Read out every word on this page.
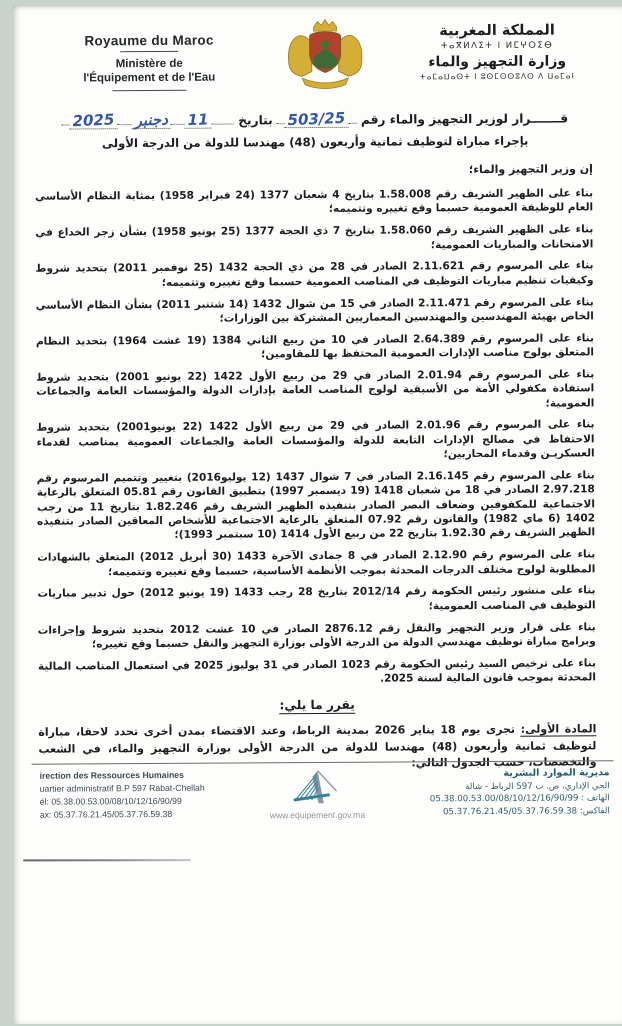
Royaume du Maroc
Ministère de
l'Équipement et de l'Eau
المملكة المغربية
ⵜⴰⴳⵍⴷⵉⵜ ⵏ ⵍⵎⵖⵔⵉⴱ
وزارة التجهيز والماء
ⵜⴰⵎⴰⵡⴰⵙⵜ ⵏ ⵓⵙⵎⵙⵙⵓⴷⵙ ⴷ ⵡⴰⵎⴰⵏ
قـــــــرار لوزير التجهيز والماء رقم 503/25 بتاريخ 11دجنبر2025
بإجراء مباراة لتوظيف ثمانية وأربعون (48) مهندسا للدولة من الدرجة الأولى
إن وزير التجهيز والماء؛

بناء على الظهير الشريف رقم 1.58.008 بتاريخ 4 شعبان 1377 (24 فبراير 1958) بمثابة النظام الأساسي العام للوظيفة العمومية حسبما وقع تغييره وتتميمه؛

بناء على الظهير الشريف رقم 1.58.060 بتاريخ 7 ذي الحجة 1377 (25 يونيو 1958) بشأن زجر الخداع في الامتحانات والمباريات العمومية؛

بناء على المرسوم رقم 2.11.621 الصادر في 28 من ذي الحجة 1432 (25 نوفمبر 2011) بتحديد شروط وكيفيات تنظيم مباريات التوظيف في المناصب العمومية حسبما وقع تغييره وتتميمه؛

بناء على المرسوم رقم 2.11.471 الصادر في 15 من شوال 1432 (14 شتنبر 2011) بشأن النظام الأساسي الخاص بهيئة المهندسين والمهندسين المعماريين المشتركة بين الوزارات؛

بناء على المرسوم رقم 2.64.389 الصادر في 10 من ربيع الثاني 1384 (19 غشت 1964) بتحديد النظام المتعلق بولوج مناصب الإدارات العمومية المحتفظ بها للمقاومين؛

بناء على المرسوم رقم 2.01.94 الصادر في 29 من ربيع الأول 1422 (22 يونيو 2001) بتحديد شروط استفادة مكفولي الأمة من الأسبقية لولوج المناصب العامة بإدارات الدولة والمؤسسات العامة والجماعات العمومية؛

بناء على المرسوم رقم 2.01.96 الصادر في 29 من ربيع الأول 1422 (22 يونيو2001) بتحديد شروط الاحتفاظ في مصالح الإدارات التابعة للدولة والمؤسسات العامة والجماعات العمومية بمناصب لقدماء العسكريـن وقدماء المحاربين؛

بناء على المرسوم رقم 2.16.145 الصادر في 7 شوال 1437 (12 يوليو2016) بتغيير وتتميم المرسوم رقم 2.97.218 الصادر في 18 من شعبان 1418 (19 ديسمبر 1997) بتطبيق القانون رقم 05.81 المتعلق بالرعاية الاجتماعية للمكفوفين وضعاف البصر الصادر بتنفيذه الظهير الشريف رقم 1.82.246 بتاريخ 11 من رجب 1402 (6 ماي 1982) والقانون رقم 07.92 المتعلق بالرعاية الاجتماعية للأشخاص المعاقين الصادر بتنفيذه الظهير الشريف رقم 1.92.30 بتاريخ 22 من ربيع الأول 1414 (10 سبتمبر 1993)؛

بناء على المرسوم رقم 2.12.90 الصادر في 8 جمادى الآخرة 1433 (30 أبريل 2012) المتعلق بالشهادات المطلوبة لولوج مختلف الدرجات المحدثة بموجب الأنظمة الأساسية، حسبما وقع تغييره وتتميمه؛

بناء على منشور رئيس الحكومة رقم 2012/14 بتاريخ 28 رجب 1433 (19 يونيو 2012) حول تدبير مباريات التوظيف في المناصب العمومية؛

بناء على قرار وزير التجهيز والنقل رقم 2876.12 الصادر في 10 غشت 2012 بتحديد شروط وإجراءات وبرامج مباراة توظيف مهندسي الدولة من الدرجة الأولى بوزارة التجهيز والنقل حسبما وقع تغييره؛

بناء على ترخيص السيد رئيس الحكومة رقم 1023 الصادر في 31 يوليوز 2025 في استعمال المناصب المالية المحدثة بموجب قانون المالية لسنة 2025.

يقرر ما يلي:
المادة الأولى: تجرى يوم 18 يناير 2026 بمدينة الرباط، وعند الاقتضاء بمدن أخرى تحدد لاحقا، مباراة لتوظيف ثمانية وأربعون (48) مهندسا للدولة من الدرجة الأولى بوزارة التجهيز والماء، في الشعب والتخصصات، حسب الجدول التالي:
irection des Ressources Humaines
uartier administratif B.P 597 Rabat-Chellah
él: 05.38.00.53.00/08/10/12/16/90/99
ax: 05.37.76.21.45/05.37.76.59.38	www.equipement.gov.ma
مديرية الموارد البشرية
الحي الإداري، ص. ب 597 الرباط - شالة
الهاتف : 05.38.00.53.00/08/10/12/16/90/99
الفاكس: 05.37.76.21.45/05.37.76.59.38
